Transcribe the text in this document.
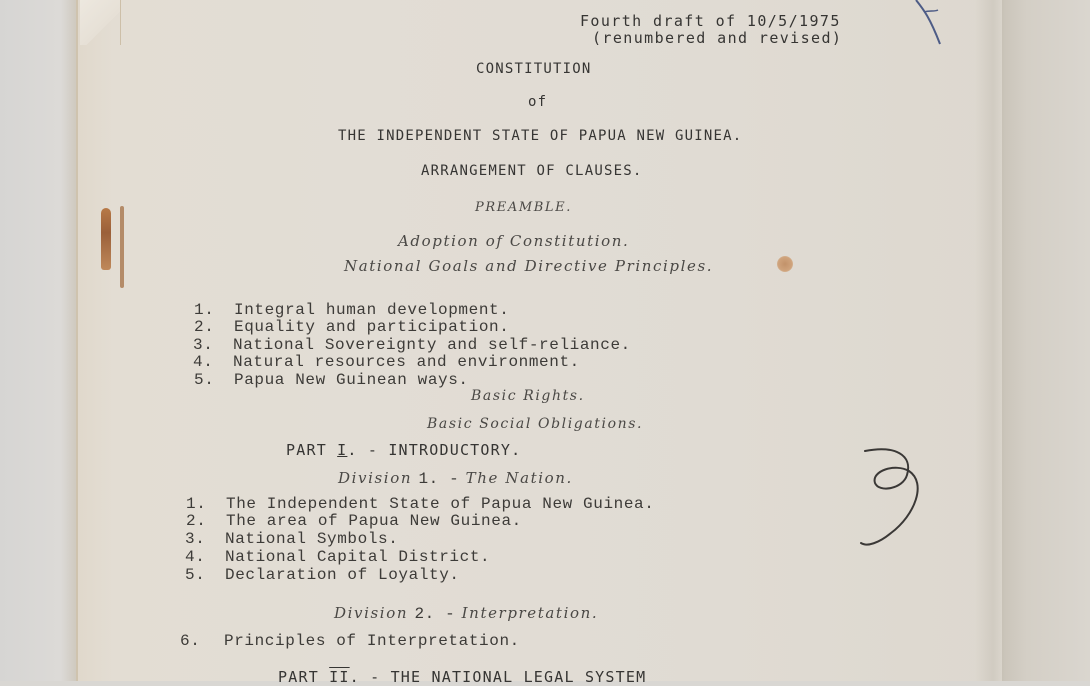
Fourth draft of 10/5/1975
(renumbered and revised)
CONSTITUTION
of
THE INDEPENDENT STATE OF PAPUA NEW GUINEA.
ARRANGEMENT OF CLAUSES.
PREAMBLE.
Adoption of Constitution.
National Goals and Directive Principles.
1. Integral human development.
2. Equality and participation.
3. National Sovereignty and self-reliance.
4. Natural resources and environment.
5. Papua New Guinean ways.
Basic Rights.
Basic Social Obligations.
PART I. - INTRODUCTORY.
Division 1. - The Nation.
1. The Independent State of Papua New Guinea.
2. The area of Papua New Guinea.
3. National Symbols.
4. National Capital District.
5. Declaration of Loyalty.
Division 2. - Interpretation.
6. Principles of Interpretation.
PART $\overline{II}$. - THE NATIONAL LEGAL SYSTEM
